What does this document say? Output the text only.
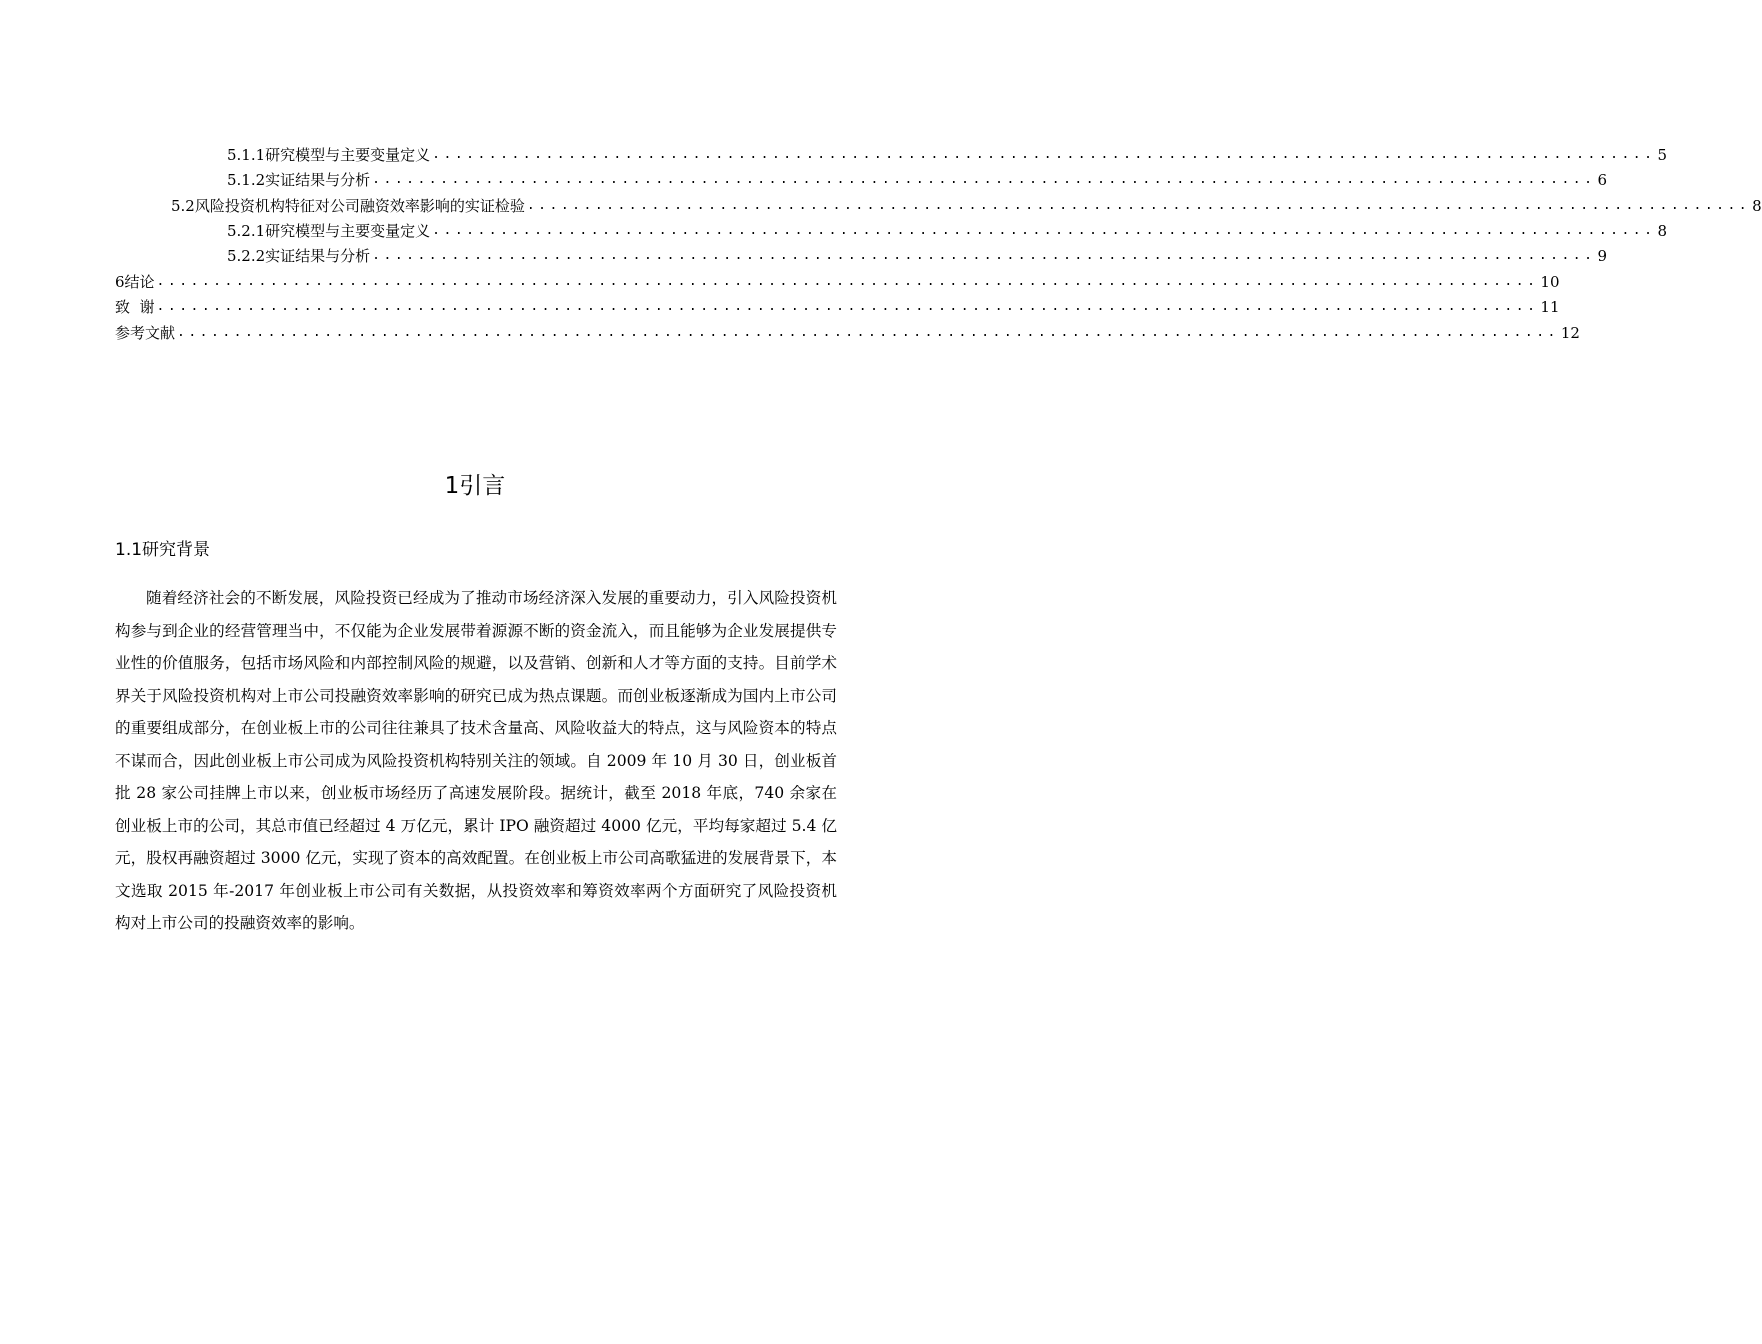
5.1.1研究模型与主要变量定义 ............................................................................................................ 5
5.1.2实证结果与分析 ............................................................................................................ 6
5.2风险投资机构特征对公司融资效率影响的实证检验 ............................................................................................................ 8
5.2.1研究模型与主要变量定义 ............................................................................................................ 8
5.2.2实证结果与分析 ............................................................................................................ 9
6结论 .......................................................................................................................... 10
致  谢 .......................................................................................................................... 11
参考文献 .......................................................................................................................... 12
1引言
1.1研究背景

随着经济社会的不断发展，风险投资已经成为了推动市场经济深入发展的重要动力，引入风险投资机构参与到企业的经营管理当中，不仅能为企业发展带着源源不断的资金流入，而且能够为企业发展提供专业性的价值服务，包括市场风险和内部控制风险的规避，以及营销、创新和人才等方面的支持。目前学术界关于风险投资机构对上市公司投融资效率影响的研究已成为热点课题。而创业板逐渐成为国内上市公司的重要组成部分，在创业板上市的公司往往兼具了技术含量高、风险收益大的特点，这与风险资本的特点不谋而合，因此创业板上市公司成为风险投资机构特别关注的领域。自 2009 年 10 月 30 日，创业板首批 28 家公司挂牌上市以来，创业板市场经历了高速发展阶段。据统计，截至 2018 年底，740 余家在创业板上市的公司，其总市值已经超过 4 万亿元，累计 IPO 融资超过 4000 亿元，平均每家超过 5.4 亿元，股权再融资超过 3000 亿元，实现了资本的高效配置。在创业板上市公司高歌猛进的发展背景下，本文选取 2015 年-2017 年创业板上市公司有关数据，从投资效率和筹资效率两个方面研究了风险投资机构对上市公司的投融资效率的影响。
